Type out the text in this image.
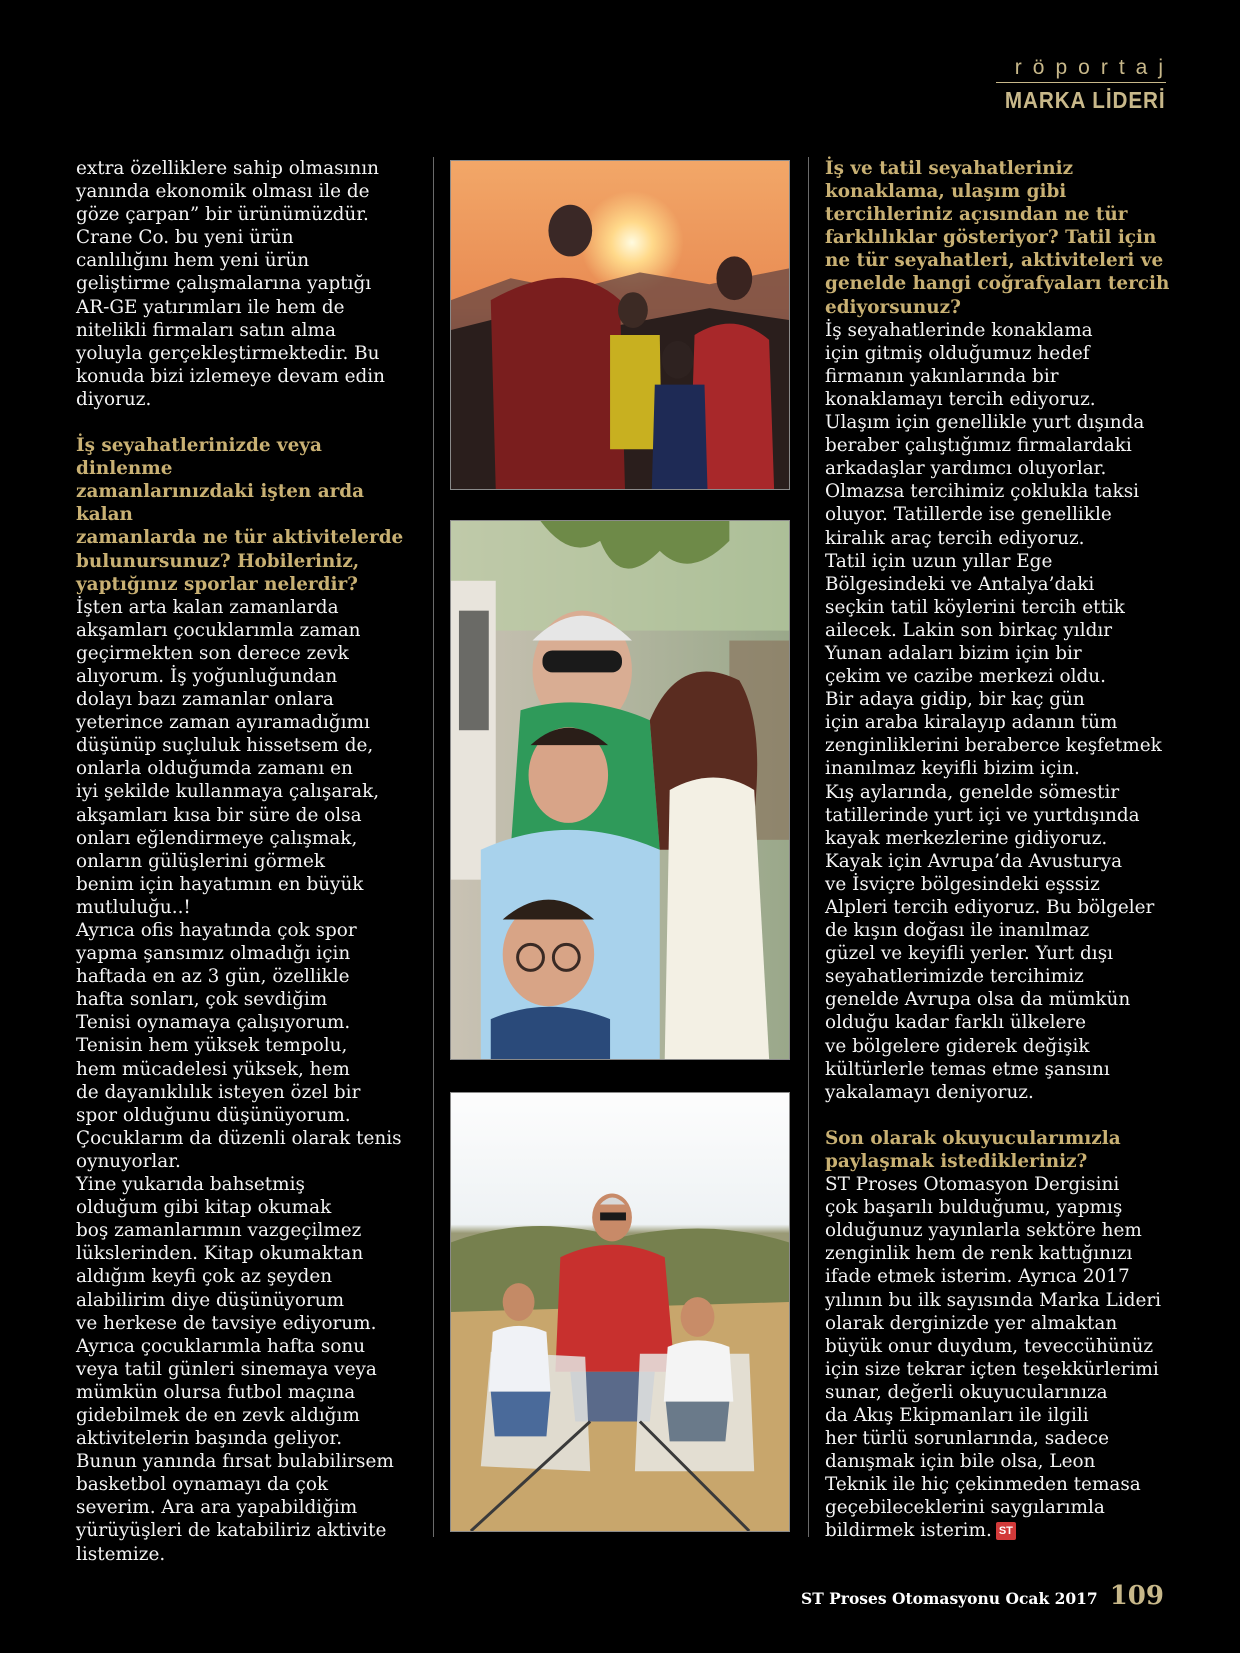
röportaj
MARKA LİDERİ
extra özelliklere sahip olmasının
yanında ekonomik olması ile de
göze çarpan” bir ürünümüzdür.
Crane Co. bu yeni ürün
canlılığını hem yeni ürün
geliştirme çalışmalarına yaptığı
AR-GE yatırımları ile hem de
nitelikli firmaları satın alma
yoluyla gerçekleştirmektedir. Bu
konuda bizi izlemeye devam edin
diyoruz.
İş seyahatlerinizde veya dinlenme
zamanlarınızdaki işten arda kalan
zamanlarda ne tür aktivitelerde
bulunursunuz? Hobileriniz,
yaptığınız sporlar nelerdir?
İşten arta kalan zamanlarda
akşamları çocuklarımla zaman
geçirmekten son derece zevk
alıyorum. İş yoğunluğundan
dolayı bazı zamanlar onlara
yeterince zaman ayıramadığımı
düşünüp suçluluk hissetsem de,
onlarla olduğumda zamanı en
iyi şekilde kullanmaya çalışarak,
akşamları kısa bir süre de olsa
onları eğlendirmeye çalışmak,
onların gülüşlerini görmek
benim için hayatımın en büyük
mutluluğu..!
Ayrıca ofis hayatında çok spor
yapma şansımız olmadığı için
haftada en az 3 gün, özellikle
hafta sonları, çok sevdiğim
Tenisi oynamaya çalışıyorum.
Tenisin hem yüksek tempolu,
hem mücadelesi yüksek, hem
de dayanıklılık isteyen özel bir
spor olduğunu düşünüyorum.
Çocuklarım da düzenli olarak tenis
oynuyorlar.
Yine yukarıda bahsetmiş
olduğum gibi kitap okumak
boş zamanlarımın vazgeçilmez
lükslerinden. Kitap okumaktan
aldığım keyfi çok az şeyden
alabilirim diye düşünüyorum
ve herkese de tavsiye ediyorum.
Ayrıca çocuklarımla hafta sonu
veya tatil günleri sinemaya veya
mümkün olursa futbol maçına
gidebilmek de en zevk aldığım
aktivitelerin başında geliyor.
Bunun yanında fırsat bulabilirsem
basketbol oynamayı da çok
severim. Ara ara yapabildiğim
yürüyüşleri de katabiliriz aktivite
listemize.
İş ve tatil seyahatleriniz
konaklama, ulaşım gibi
tercihleriniz açısından ne tür
farklılıklar gösteriyor? Tatil için
ne tür seyahatleri, aktiviteleri ve
genelde hangi coğrafyaları tercih
ediyorsunuz?
İş seyahatlerinde konaklama
için gitmiş olduğumuz hedef
firmanın yakınlarında bir
konaklamayı tercih ediyoruz.
Ulaşım için genellikle yurt dışında
beraber çalıştığımız firmalardaki
arkadaşlar yardımcı oluyorlar.
Olmazsa tercihimiz çoklukla taksi
oluyor. Tatillerde ise genellikle
kiralık araç tercih ediyoruz.
Tatil için uzun yıllar Ege
Bölgesindeki ve Antalya’daki
seçkin tatil köylerini tercih ettik
ailecek. Lakin son birkaç yıldır
Yunan adaları bizim için bir
çekim ve cazibe merkezi oldu.
Bir adaya gidip, bir kaç gün
için araba kiralayıp adanın tüm
zenginliklerini beraberce keşfetmek
inanılmaz keyifli bizim için.
Kış aylarında, genelde sömestir
tatillerinde yurt içi ve yurtdışında
kayak merkezlerine gidiyoruz.
Kayak için Avrupa’da Avusturya
ve İsviçre bölgesindeki eşssiz
Alpleri tercih ediyoruz. Bu bölgeler
de kışın doğası ile inanılmaz
güzel ve keyifli yerler. Yurt dışı
seyahatlerimizde tercihimiz
genelde Avrupa olsa da mümkün
olduğu kadar farklı ülkelere
ve bölgelere giderek değişik
kültürlerle temas etme şansını
yakalamayı deniyoruz.
Son olarak okuyucularımızla
paylaşmak istedikleriniz?
ST Proses Otomasyon Dergisini
çok başarılı bulduğumu, yapmış
olduğunuz yayınlarla sektöre hem
zenginlik hem de renk kattığınızı
ifade etmek isterim. Ayrıca 2017
yılının bu ilk sayısında Marka Lideri
olarak derginizde yer almaktan
büyük onur duydum, teveccühünüz
için size tekrar içten teşekkürlerimi
sunar, değerli okuyucularınıza
da Akış Ekipmanları ile ilgili
her türlü sorunlarında, sadece
danışmak için bile olsa, Leon
Teknik ile hiç çekinmeden temasa
geçebileceklerini saygılarımla
bildirmek isterim. ST
ST Proses Otomasyonu Ocak 2017 109
